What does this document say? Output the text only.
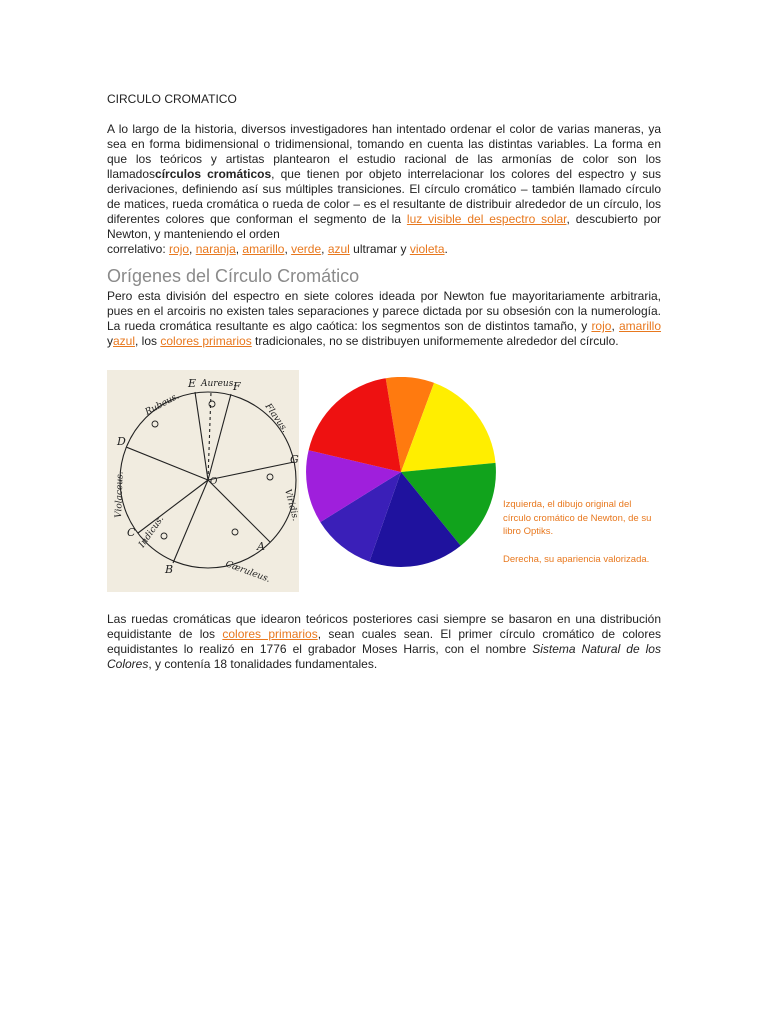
CIRCULO CROMATICO

A lo largo de la historia, diversos investigadores han intentado ordenar el color de varias maneras, ya sea en forma bidimensional o tridimensional, tomando en cuenta las distintas variables. La forma en que los teóricos y artistas plantearon el estudio racional de las armonías de color son los llamadoscírculos cromáticos, que tienen por objeto interrelacionar los colores del espectro y sus derivaciones, definiendo así sus múltiples transiciones. El círculo cromático – también llamado círculo de matices, rueda cromática o rueda de color – es el resultante de distribuir alrededor de un círculo, los diferentes colores que conforman el segmento de la luz visible del espectro solar, descubierto por Newton, y manteniendo el orden

correlativo: rojo, naranja, amarillo, verde, azul ultramar y violeta.

Orígenes del Círculo Cromático

Pero esta división del espectro en siete colores ideada por Newton fue mayoritariamente arbitraria, pues en el arcoiris no existen tales separaciones y parece dictada por su obsesión con la numerología. La rueda cromática resultante es algo caótica: los segmentos son de distintos tamaño, y rojo, amarillo yazul, los colores primarios tradicionales, no se distribuyen uniformemente alrededor del círculo.

D
E	F
G
A
B
C
O
Rubeus.
Aureus.
Flavus.
Viridis.
Cæruleus.
Indicus.
Violaceus.	Izquierda, el dibujo original del círculo cromático de Newton, de su libro Optiks.
Derecha, su apariencia valorizada.

Las ruedas cromáticas que idearon teóricos posteriores casi siempre se basaron en una distribución equidistante de los colores primarios, sean cuales sean. El primer círculo cromático de colores equidistantes lo realizó en 1776 el grabador Moses Harris, con el nombre Sistema Natural de los Colores, y contenía 18 tonalidades fundamentales.
